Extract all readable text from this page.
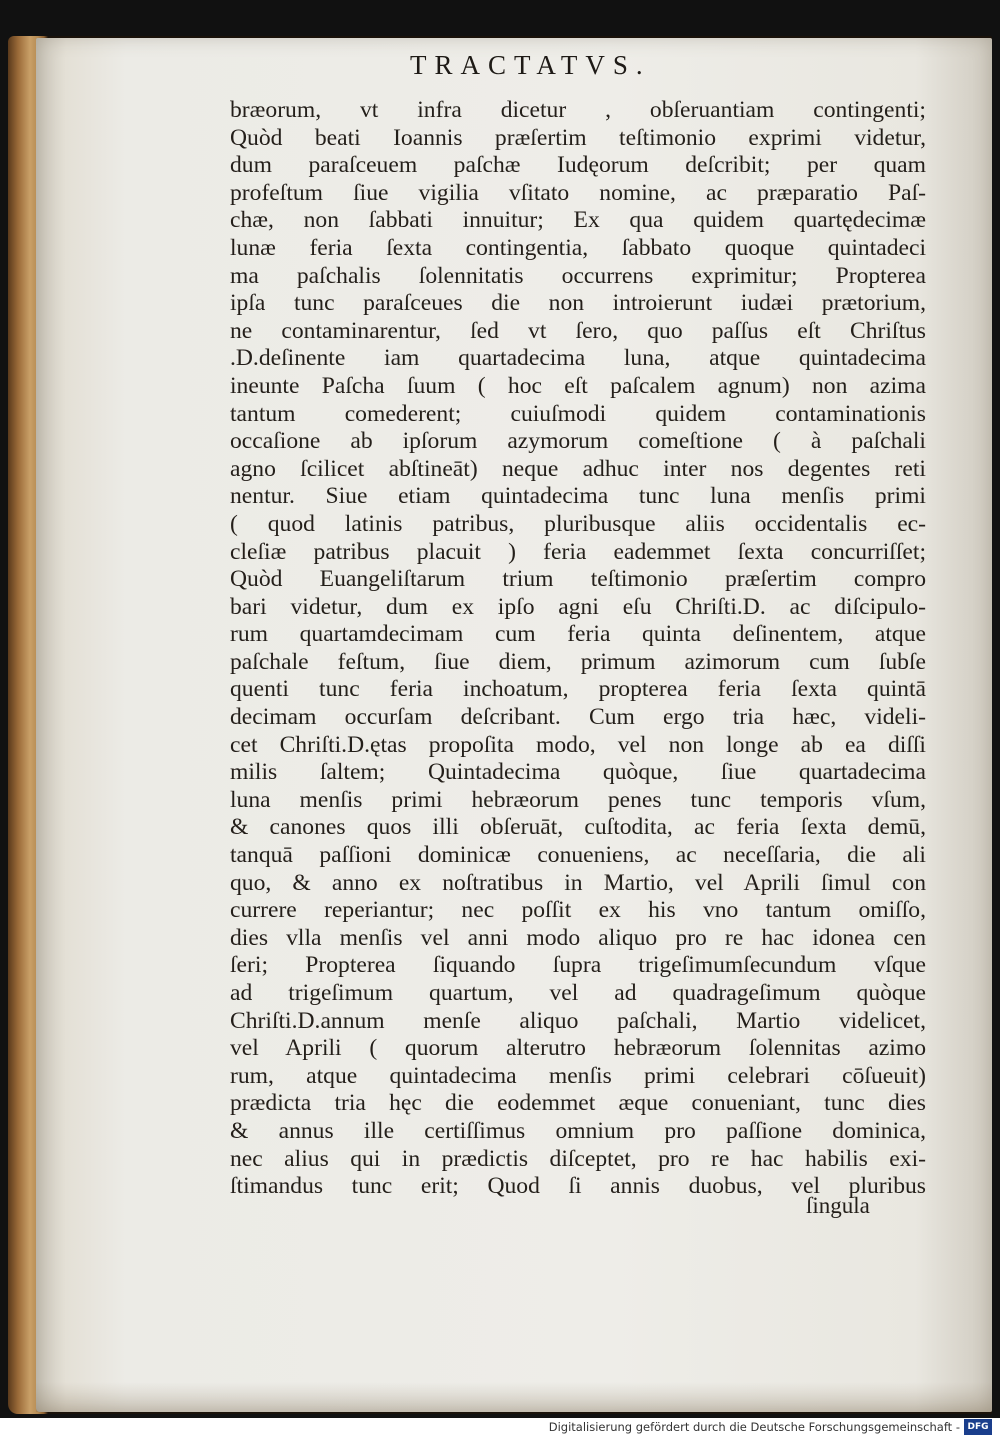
TRACTATVS.
bræorum, vt infra dicetur , obſeruantiam contingenti;
Quòd beati Ioannis præſertim teſtimonio exprimi videtur,
dum paraſceuem paſchæ Iudęorum deſcribit; per quam
profeſtum ſiue vigilia vſitato nomine, ac præparatio Paſ-
chæ, non ſabbati innuitur; Ex qua quidem quartędecimæ
lunæ feria ſexta contingentia, ſabbato quoque quintadeci
ma paſchalis ſolennitatis occurrens exprimitur; Propterea
ipſa tunc paraſceues die non introierunt iudæi prætorium,
ne contaminarentur, ſed vt ſero, quo paſſus eſt Chriſtus
.D.deſinente iam quartadecima luna, atque quintadecima
ineunte Paſcha ſuum ( hoc eſt paſcalem agnum) non azima
tantum comederent; cuiuſmodi quidem contaminationis
occaſione ab ipſorum azymorum comeſtione ( à paſchali
agno ſcilicet abſtineāt) neque adhuc inter nos degentes reti
nentur. Siue etiam quintadecima tunc luna menſis primi
( quod latinis patribus, pluribusque aliis occidentalis ec-
cleſiæ patribus placuit ) feria eademmet ſexta concurriſſet;
Quòd Euangeliſtarum trium teſtimonio præſertim compro
bari videtur, dum ex ipſo agni eſu Chriſti.D. ac diſcipulo-
rum quartamdecimam cum feria quinta deſinentem, atque
paſchale feſtum, ſiue diem, primum azimorum cum ſubſe
quenti tunc feria inchoatum, propterea feria ſexta quintā
decimam occurſam deſcribant. Cum ergo tria hæc, videli-
cet Chriſti.D.ętas propoſita modo, vel non longe ab ea diſſi
milis ſaltem; Quintadecima quòque, ſiue quartadecima
luna menſis primi hebræorum penes tunc temporis vſum,
& canones quos illi obſeruāt, cuſtodita, ac feria ſexta demū,
tanquā paſſioni dominicæ conueniens, ac neceſſaria, die ali
quo, & anno ex noſtratibus in Martio, vel Aprili ſimul con
currere reperiantur; nec poſſit ex his vno tantum omiſſo,
dies vlla menſis vel anni modo aliquo pro re hac idonea cen
ſeri; Propterea ſiquando ſupra trigeſimumſecundum vſque
ad trigeſimum quartum, vel ad quadrageſimum quòque
Chriſti.D.annum menſe aliquo paſchali, Martio videlicet,
vel Aprili ( quorum alterutro hebræorum ſolennitas azimo
rum, atque quintadecima menſis primi celebrari cōſueuit)
prædicta tria hęc die eodemmet æque conueniant, tunc dies
& annus ille certiſſimus omnium pro paſſione dominica,
nec alius qui in prædictis diſceptet, pro re hac habilis exi-
ſtimandus tunc erit; Quod ſi annis duobus, vel pluribus
ſingula
Digitalisierung gefördert durch die Deutsche Forschungsgemeinschaft - DFG
